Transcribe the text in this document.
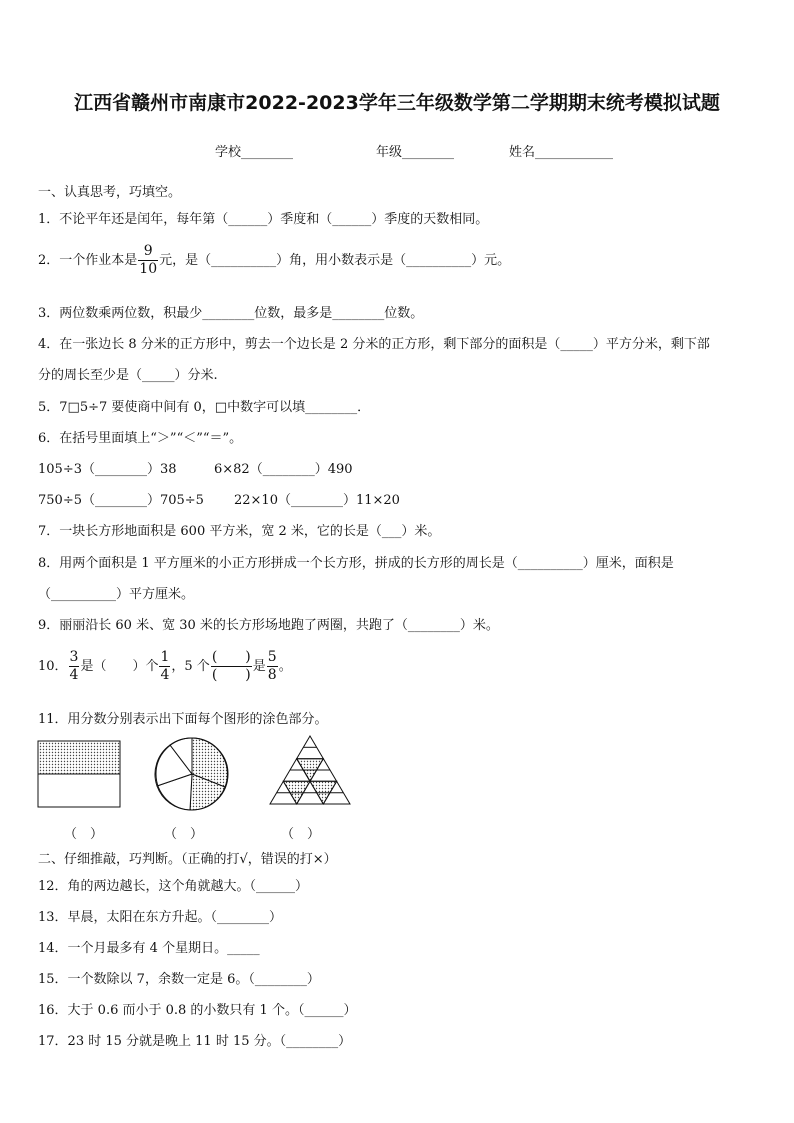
江西省赣州市南康市2022-2023学年三年级数学第二学期期末统考模拟试题
学校________	年级________	姓名____________
一、认真思考，巧填空。
1．不论平年还是闰年，每年第（______）季度和（______）季度的天数相同。
2．一个作业本是 $\frac{9}{10}$ 元，是（__________）角，用小数表示是（__________）元。
3．两位数乘两位数，积最少________位数，最多是________位数。
4．在一张边长 8 分米的正方形中，剪去一个边长是 2 分米的正方形，剩下部分的面积是（_____）平方分米，剩下部
分的周长至少是（_____）分米.
5．7□5÷7 要使商中间有 0，□中数字可以填________．
6．在括号里面填上“＞”“＜”“＝”。
105÷3（________）38	6×82（________）490
750÷5（________）705÷5 22×10（________）11×20
7．一块长方形地面积是 600 平方米，宽 2 米，它的长是（___）米。
8．用两个面积是 1 平方厘米的小正方形拼成一个长方形，拼成的长方形的周长是（__________）厘米，面积是
（__________）平方厘米。
9．丽丽沿长 60 米、宽 30 米的长方形场地跑了两圈，共跑了（________）米。
10． $\frac{3}{4}$ 是（　　）个 $\frac{1}{4}$ ，5 个 $\frac{( )}{( )}$ 是 $\frac{5}{8}$ 。
11．用分数分别表示出下面每个图形的涂色部分。
（　）	（　）	（　）
二、仔细推敲，巧判断。（正确的打√，错误的打×）
12．角的两边越长，这个角就越大。（______）
13．早晨，太阳在东方升起。（________）
14．一个月最多有 4 个星期日。_____
15．一个数除以 7，余数一定是 6。（________）
16．大于 0.6 而小于 0.8 的小数只有 1 个。（______）
17．23 时 15 分就是晚上 11 时 15 分。（________）
